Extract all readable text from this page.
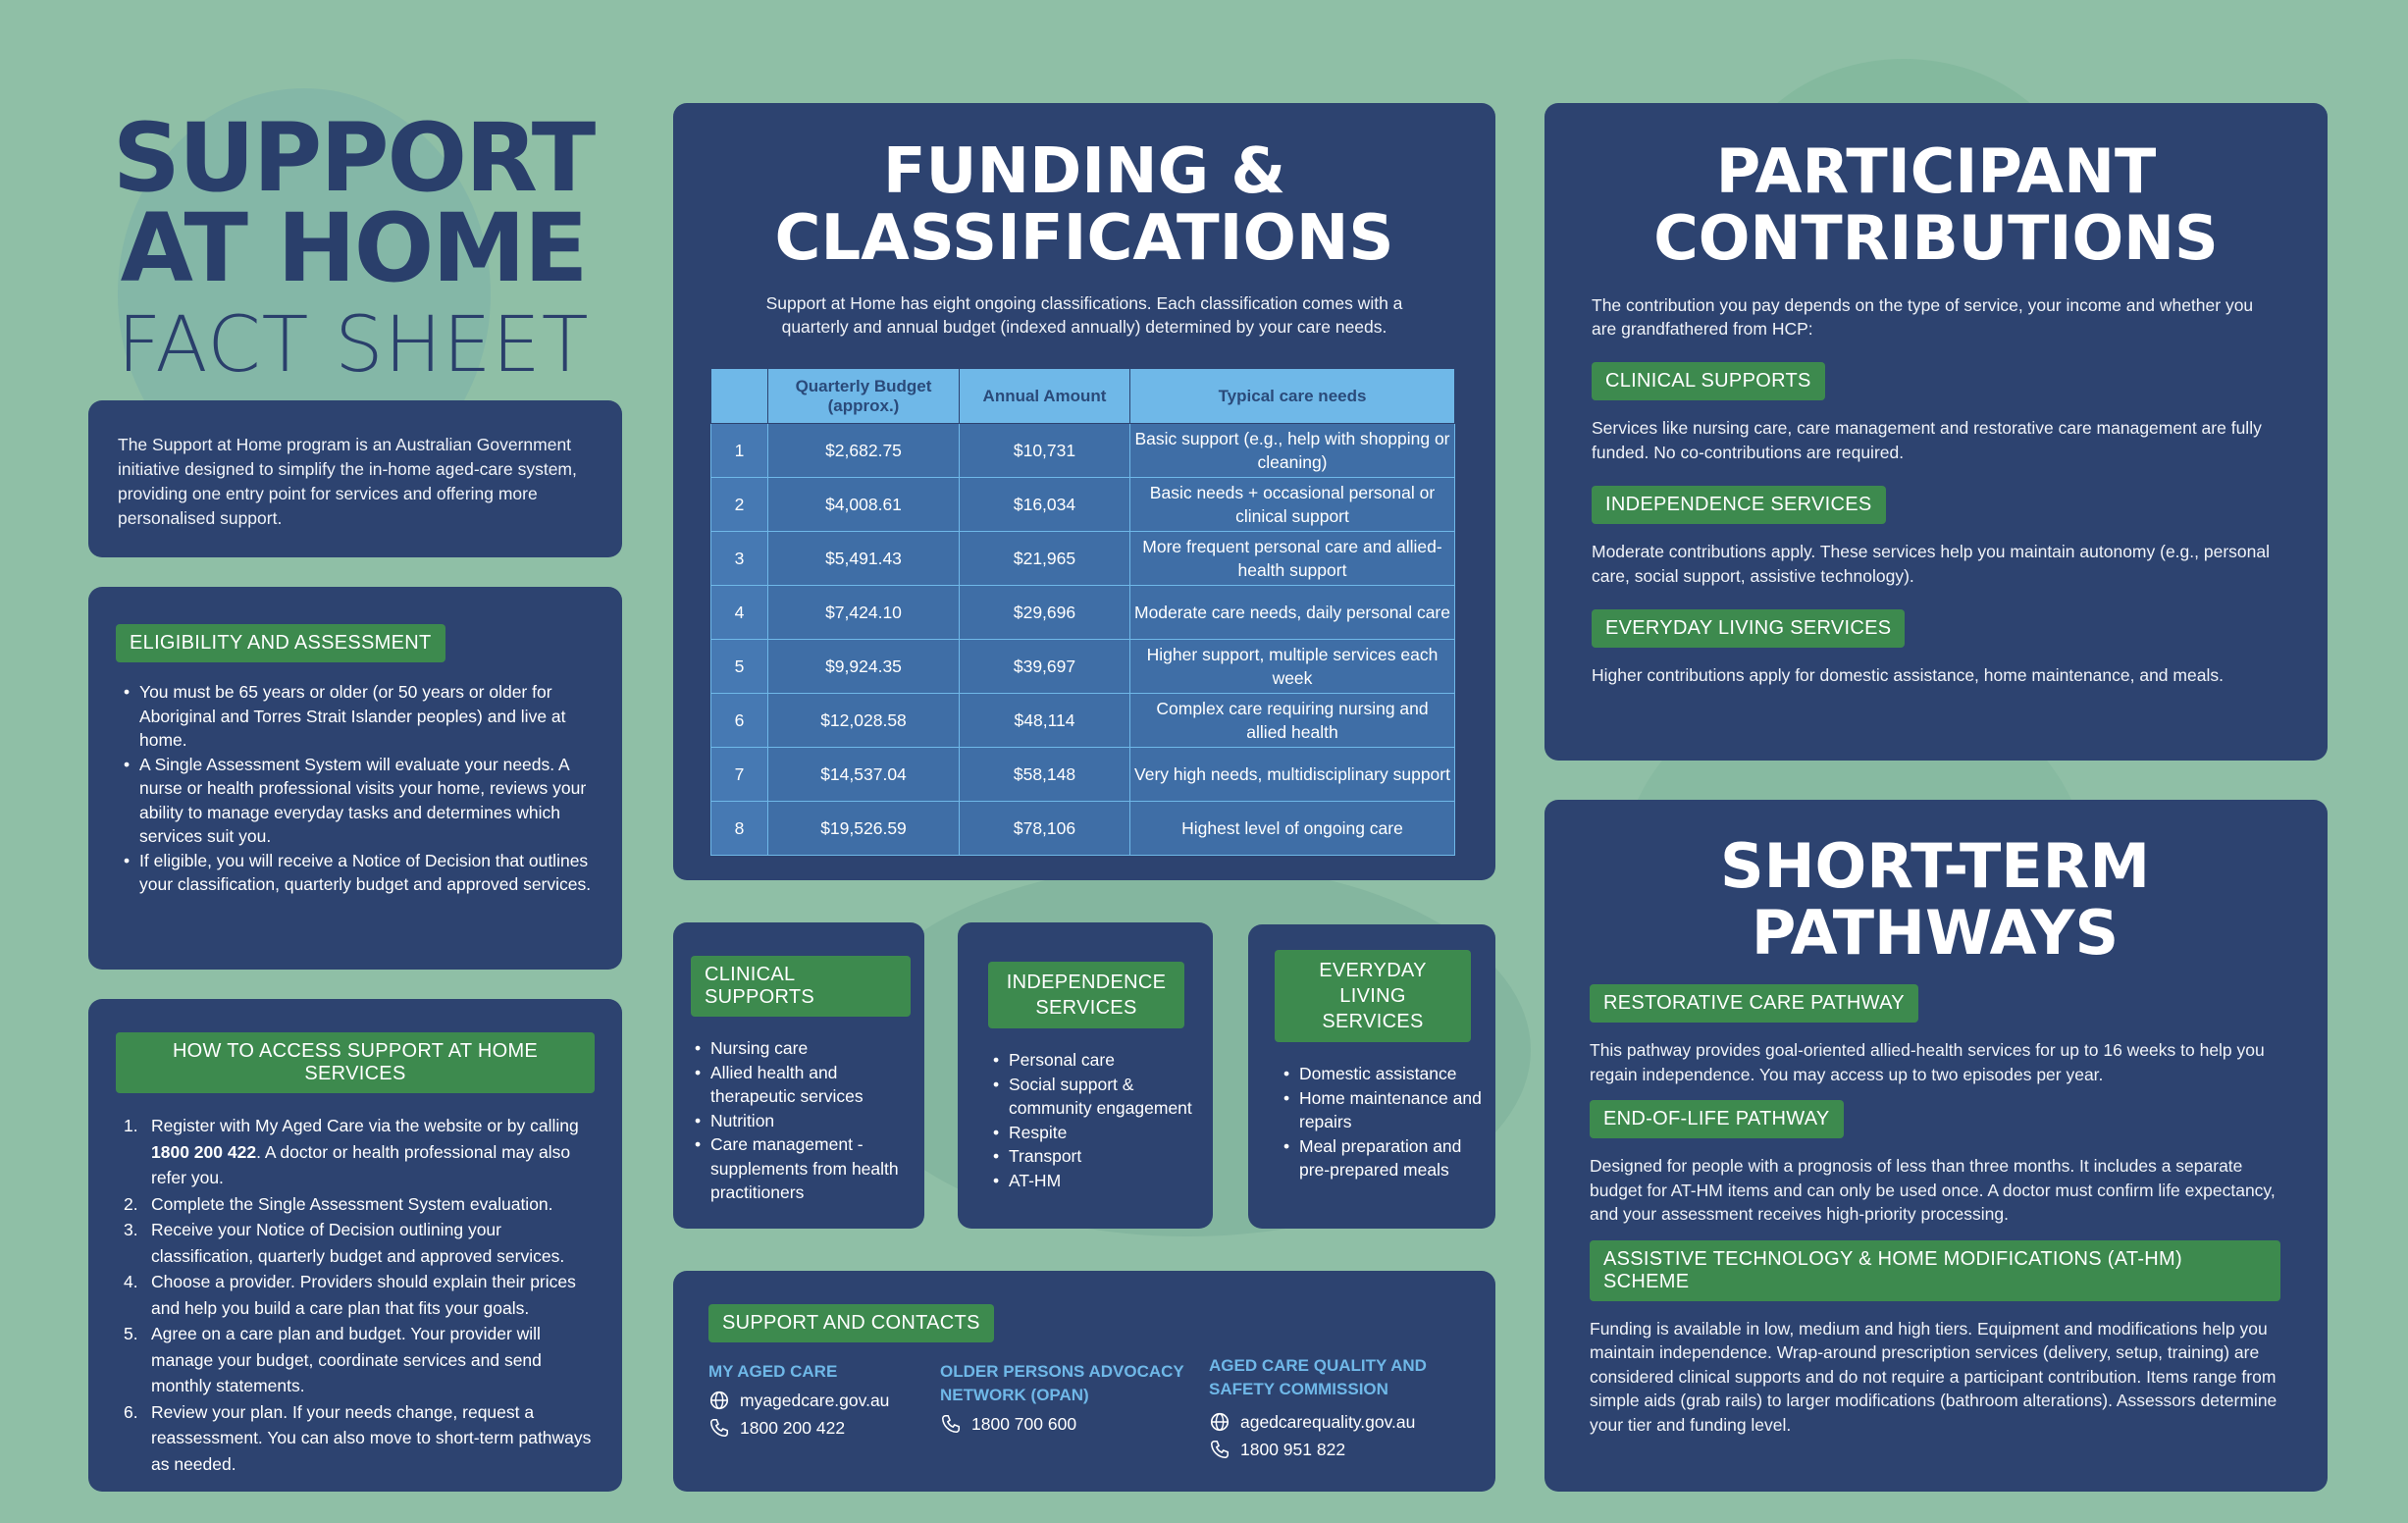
SUPPORT
AT HOME
FACT SHEET

The Support at Home program is an Australian Government initiative designed to simplify the in-home aged-care system, providing one entry point for services and offering more personalised support.

ELIGIBILITY AND ASSESSMENT
• You must be 65 years or older (or 50 years or older for Aboriginal and Torres Strait Islander peoples) and live at home.
• A Single Assessment System will evaluate your needs. A nurse or health professional visits your home, reviews your ability to manage everyday tasks and determines which services suit you.
• If eligible, you will receive a Notice of Decision that outlines your classification, quarterly budget and approved services.
HOW TO ACCESS SUPPORT AT HOME SERVICES
1. Register with My Aged Care via the website or by calling 1800 200 422. A doctor or health professional may also refer you.
2. Complete the Single Assessment System evaluation.
3. Receive your Notice of Decision outlining your classification, quarterly budget and approved services.
4. Choose a provider. Providers should explain their prices and help you build a care plan that fits your goals.
5. Agree on a care plan and budget. Your provider will manage your budget, coordinate services and send monthly statements.
6. Review your plan. If your needs change, request a reassessment. You can also move to short-term pathways as needed.
FUNDING &
CLASSIFICATIONS

Support at Home has eight ongoing classifications. Each classification comes with a quarterly and annual budget (indexed annually) determined by your care needs.

	Quarterly Budget (approx.)	Annual Amount	Typical care needs
1	$2,682.75	$10,731	Basic support (e.g., help with shopping or cleaning)
2	$4,008.61	$16,034	Basic needs + occasional personal or clinical support
3	$5,491.43	$21,965	More frequent personal care and allied-health support
4	$7,424.10	$29,696	Moderate care needs, daily personal care
5	$9,924.35	$39,697	Higher support, multiple services each week
6	$12,028.58	$48,114	Complex care requiring nursing and allied health
7	$14,537.04	$58,148	Very high needs, multidisciplinary support
8	$19,526.59	$78,106	Highest level of ongoing care
CLINICAL SUPPORTS
• Nursing care
• Allied health and therapeutic services
• Nutrition
• Care management - supplements from health practitioners
INDEPENDENCE SERVICES
• Personal care
• Social support & community engagement
• Respite
• Transport
• AT-HM
EVERYDAY LIVING SERVICES
• Domestic assistance
• Home maintenance and repairs
• Meal preparation and pre-prepared meals
SUPPORT AND CONTACTS
MY AGED CARE
myagedcare.gov.au
1800 200 422
OLDER PERSONS ADVOCACY NETWORK (OPAN)
1800 700 600
AGED CARE QUALITY AND SAFETY COMMISSION
agedcarequality.gov.au
1800 951 822
PARTICIPANT
CONTRIBUTIONS

The contribution you pay depends on the type of service, your income and whether you are grandfathered from HCP:

CLINICAL SUPPORTS

Services like nursing care, care management and restorative care management are fully funded. No co-contributions are required.

INDEPENDENCE SERVICES

Moderate contributions apply. These services help you maintain autonomy (e.g., personal care, social support, assistive technology).

EVERYDAY LIVING SERVICES

Higher contributions apply for domestic assistance, home maintenance, and meals.

SHORT-TERM
PATHWAYS
RESTORATIVE CARE PATHWAY

This pathway provides goal-oriented allied-health services for up to 16 weeks to help you regain independence. You may access up to two episodes per year.

END-OF-LIFE PATHWAY

Designed for people with a prognosis of less than three months. It includes a separate budget for AT-HM items and can only be used once. A doctor must confirm life expectancy, and your assessment receives high-priority processing.

ASSISTIVE TECHNOLOGY & HOME MODIFICATIONS (AT-HM) SCHEME

Funding is available in low, medium and high tiers. Equipment and modifications help you maintain independence. Wrap-around prescription services (delivery, setup, training) are considered clinical supports and do not require a participant contribution. Items range from simple aids (grab rails) to larger modifications (bathroom alterations). Assessors determine your tier and funding level.
